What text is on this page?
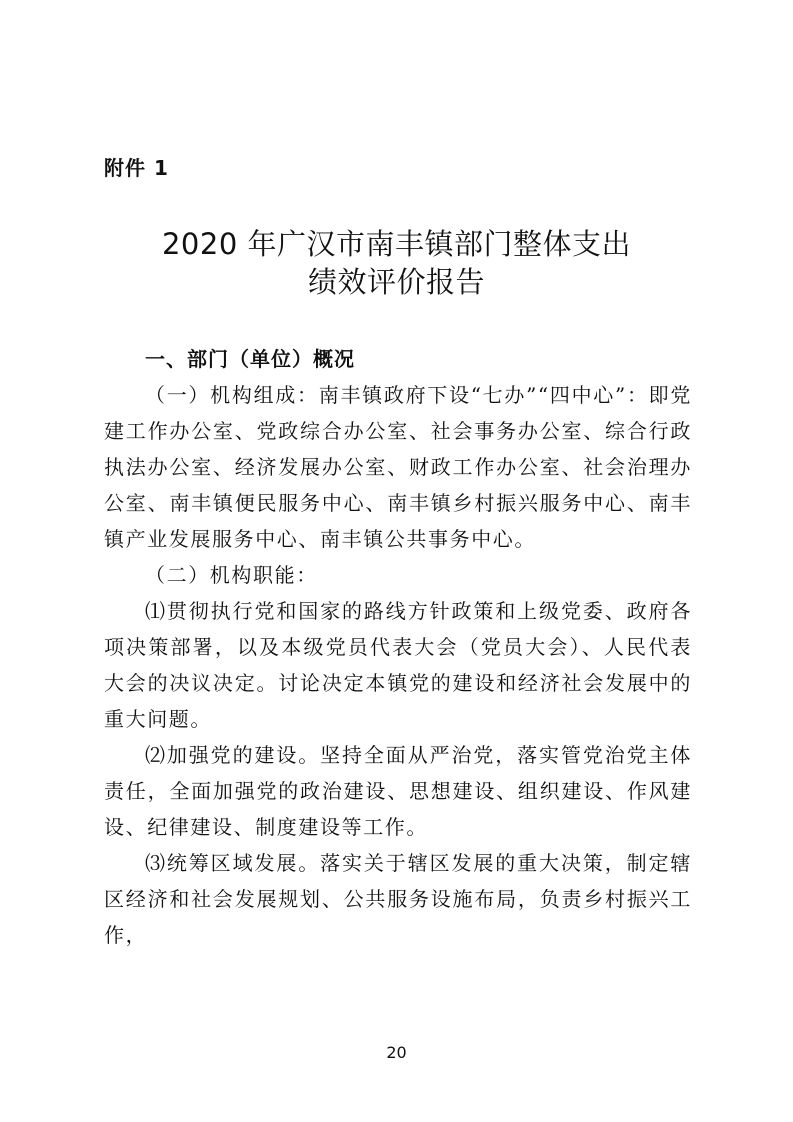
附件 1
2020 年广汉市南丰镇部门整体支出
绩效评价报告

一、部门（单位）概况

（一）机构组成：南丰镇政府下设“七办”“四中心”：即党建工作办公室、党政综合办公室、社会事务办公室、综合行政执法办公室、经济发展办公室、财政工作办公室、社会治理办公室、南丰镇便民服务中心、南丰镇乡村振兴服务中心、南丰镇产业发展服务中心、南丰镇公共事务中心。

（二）机构职能：

⑴贯彻执行党和国家的路线方针政策和上级党委、政府各项决策部署，以及本级党员代表大会（党员大会）、人民代表大会的决议决定。讨论决定本镇党的建设和经济社会发展中的重大问题。

⑵加强党的建设。坚持全面从严治党，落实管党治党主体责任，全面加强党的政治建设、思想建设、组织建设、作风建设、纪律建设、制度建设等工作。

⑶统筹区域发展。落实关于辖区发展的重大决策，制定辖区经济和社会发展规划、公共服务设施布局，负责乡村振兴工作，

20
